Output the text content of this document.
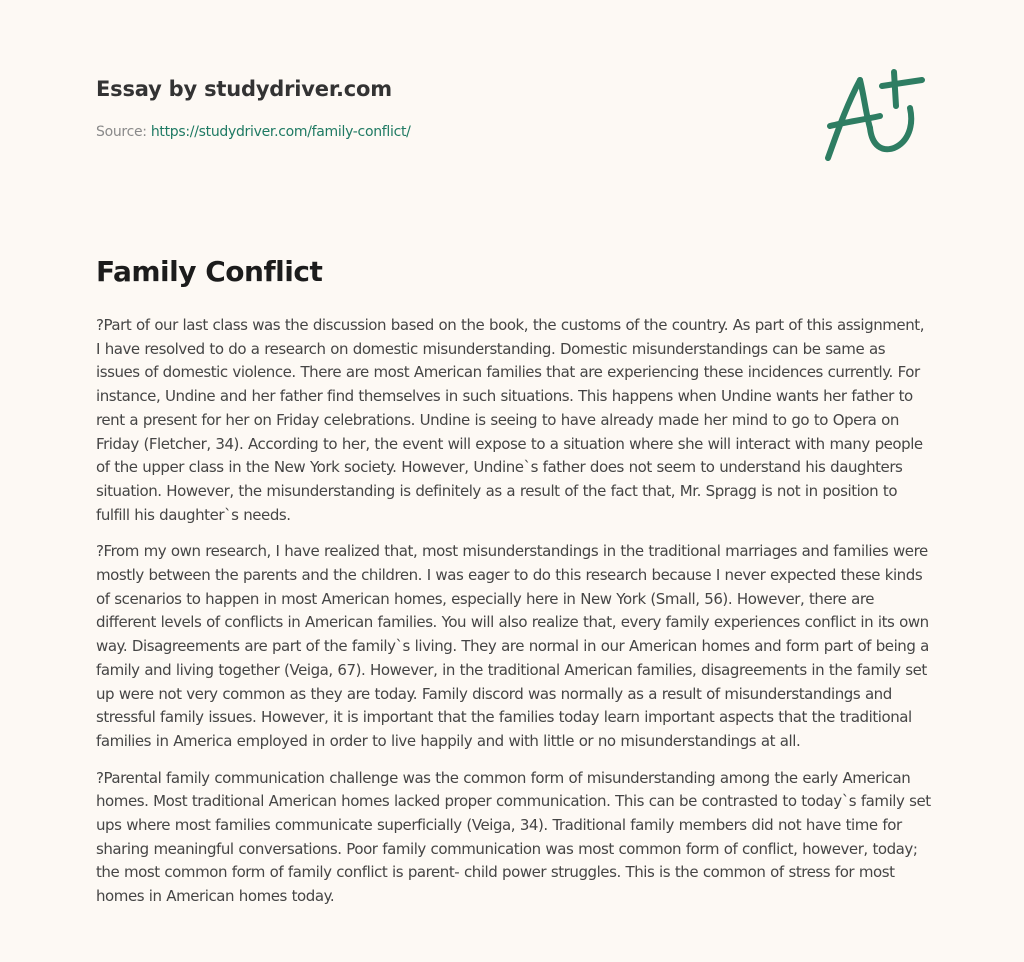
Essay by studydriver.com
Source: https://studydriver.com/family-conflict/
Family Conflict

?Part of our last class was the discussion based on the book, the customs of the country. As part of this assignment, I have resolved to do a research on domestic misunderstanding. Domestic misunderstandings can be same as issues of domestic violence. There are most American families that are experiencing these incidences currently. For instance, Undine and her father find themselves in such situations. This happens when Undine wants her father to rent a present for her on Friday celebrations. Undine is seeing to have already made her mind to go to Opera on Friday (Fletcher, 34). According to her, the event will expose to a situation where she will interact with many people of the upper class in the New York society. However, Undine`s father does not seem to understand his daughters situation. However, the misunderstanding is definitely as a result of the fact that, Mr. Spragg is not in position to fulfill his daughter`s needs.

?From my own research, I have realized that, most misunderstandings in the traditional marriages and families were mostly between the parents and the children. I was eager to do this research because I never expected these kinds of scenarios to happen in most American homes, especially here in New York (Small, 56). However, there are different levels of conflicts in American families. You will also realize that, every family experiences conflict in its own way. Disagreements are part of the family`s living. They are normal in our American homes and form part of being a family and living together (Veiga, 67). However, in the traditional American families, disagreements in the family set up were not very common as they are today. Family discord was normally as a result of misunderstandings and stressful family issues. However, it is important that the families today learn important aspects that the traditional families in America employed in order to live happily and with little or no misunderstandings at all.

?Parental family communication challenge was the common form of misunderstanding among the early American homes. Most traditional American homes lacked proper communication. This can be contrasted to today`s family set ups where most families communicate superficially (Veiga, 34). Traditional family members did not have time for sharing meaningful conversations. Poor family communication was most common form of conflict, however, today; the most common form of family conflict is parent- child power struggles. This is the common of stress for most homes in American homes today.
